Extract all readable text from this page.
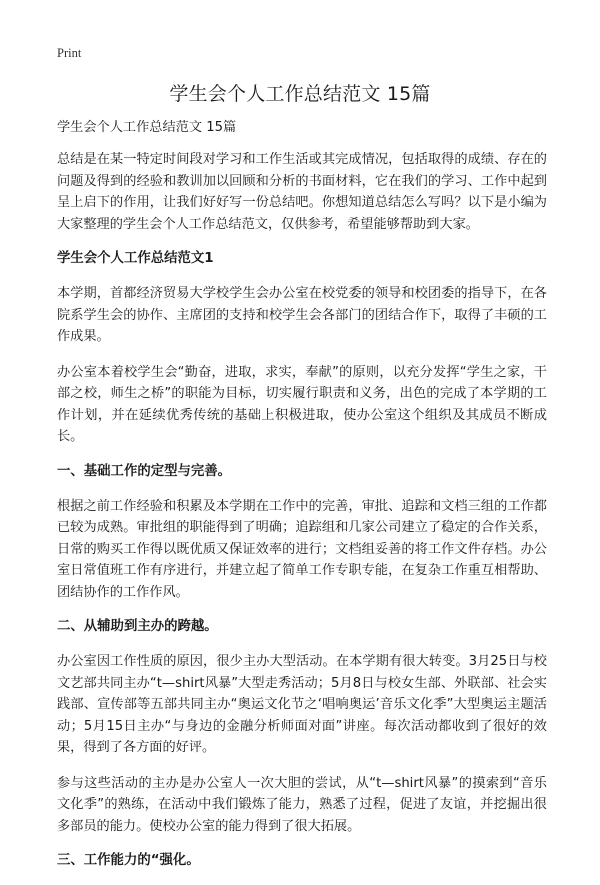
Print
学生会个人工作总结范文 15篇
学生会个人工作总结范文 15篇

总结是在某一特定时间段对学习和工作生活或其完成情况，包括取得的成绩、存在的问题及得到的经验和教训加以回顾和分析的书面材料，它在我们的学习、工作中起到呈上启下的作用，让我们好好写一份总结吧。你想知道总结怎么写吗？以下是小编为大家整理的学生会个人工作总结范文，仅供参考，希望能够帮助到大家。

学生会个人工作总结范文1

本学期，首都经济贸易大学校学生会办公室在校党委的领导和校团委的指导下，在各院系学生会的协作、主席团的支持和校学生会各部门的团结合作下，取得了丰硕的工作成果。

办公室本着校学生会“勤奋，进取，求实，奉献”的原则，以充分发挥“学生之家，干部之校，师生之桥”的职能为目标，切实履行职责和义务，出色的完成了本学期的工作计划，并在延续优秀传统的基础上积极进取，使办公室这个组织及其成员不断成长。

一、基础工作的定型与完善。

根据之前工作经验和积累及本学期在工作中的完善，审批、追踪和文档三组的工作都已较为成熟。审批组的职能得到了明确；追踪组和几家公司建立了稳定的合作关系，日常的购买工作得以既优质又保证效率的进行；文档组妥善的将工作文件存档。办公室日常值班工作有序进行，并建立起了简单工作专职专能，在复杂工作重互相帮助、团结协作的工作作风。

二、从辅助到主办的跨越。

办公室因工作性质的原因，很少主办大型活动。在本学期有很大转变。3月25日与校文艺部共同主办“t—shirt风暴”大型走秀活动；5月8日与校女生部、外联部、社会实践部、宣传部等五部共同主办“奥运文化节之‘唱响奥运’音乐文化季”大型奥运主题活动；5月15日主办“与身边的金融分析师面对面”讲座。每次活动都收到了很好的效果，得到了各方面的好评。

参与这些活动的主办是办公室人一次大胆的尝试，从“t—shirt风暴”的摸索到“音乐文化季”的熟练，在活动中我们锻炼了能力，熟悉了过程，促进了友谊，并挖掘出很多部员的能力。使校办公室的能力得到了很大拓展。

三、工作能力的“强化。
